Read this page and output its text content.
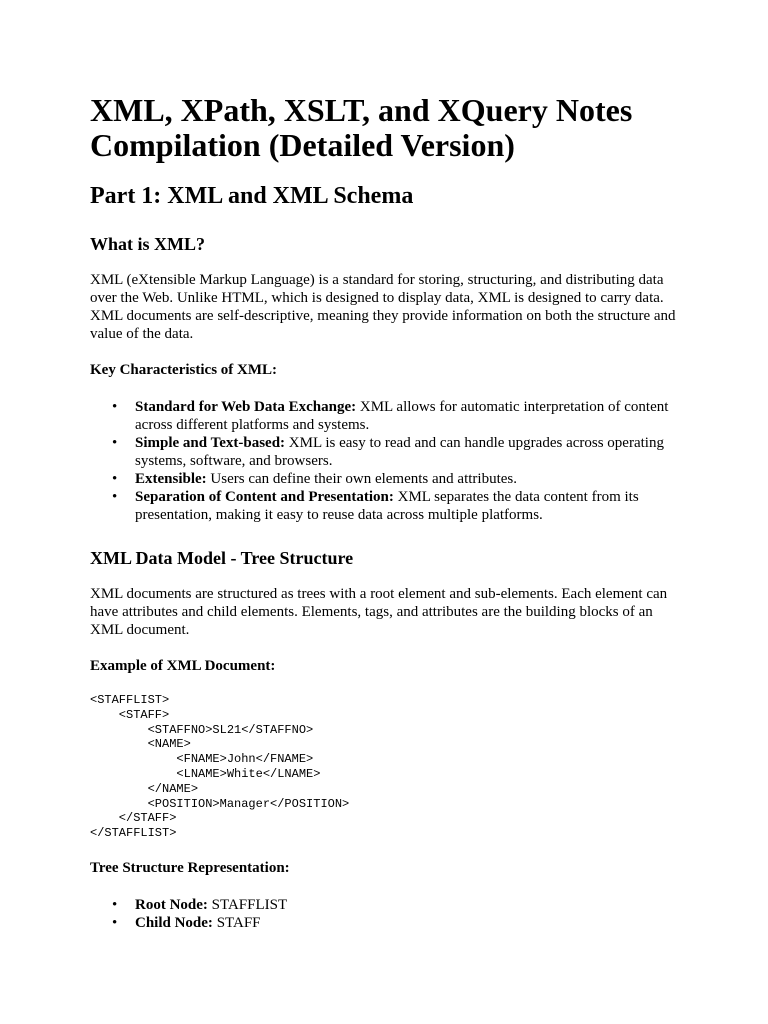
XML, XPath, XSLT, and XQuery Notes Compilation (Detailed Version)
Part 1: XML and XML Schema
What is XML?

XML (eXtensible Markup Language) is a standard for storing, structuring, and distributing data over the Web. Unlike HTML, which is designed to display data, XML is designed to carry data. XML documents are self-descriptive, meaning they provide information on both the structure and value of the data.

Key Characteristics of XML:
• Standard for Web Data Exchange: XML allows for automatic interpretation of content across different platforms and systems.
• Simple and Text-based: XML is easy to read and can handle upgrades across operating systems, software, and browsers.
• Extensible: Users can define their own elements and attributes.
• Separation of Content and Presentation: XML separates the data content from its presentation, making it easy to reuse data across multiple platforms.
XML Data Model - Tree Structure

XML documents are structured as trees with a root element and sub-elements. Each element can have attributes and child elements. Elements, tags, and attributes are the building blocks of an XML document.

Example of XML Document:
<STAFFLIST>
<STAFF>
<STAFFNO>SL21</STAFFNO>
<NAME>
<FNAME>John</FNAME>
<LNAME>White</LNAME>
</NAME>
<POSITION>Manager</POSITION>
</STAFF>
</STAFFLIST>
Tree Structure Representation:
• Root Node: STAFFLIST
• Child Node: STAFF
